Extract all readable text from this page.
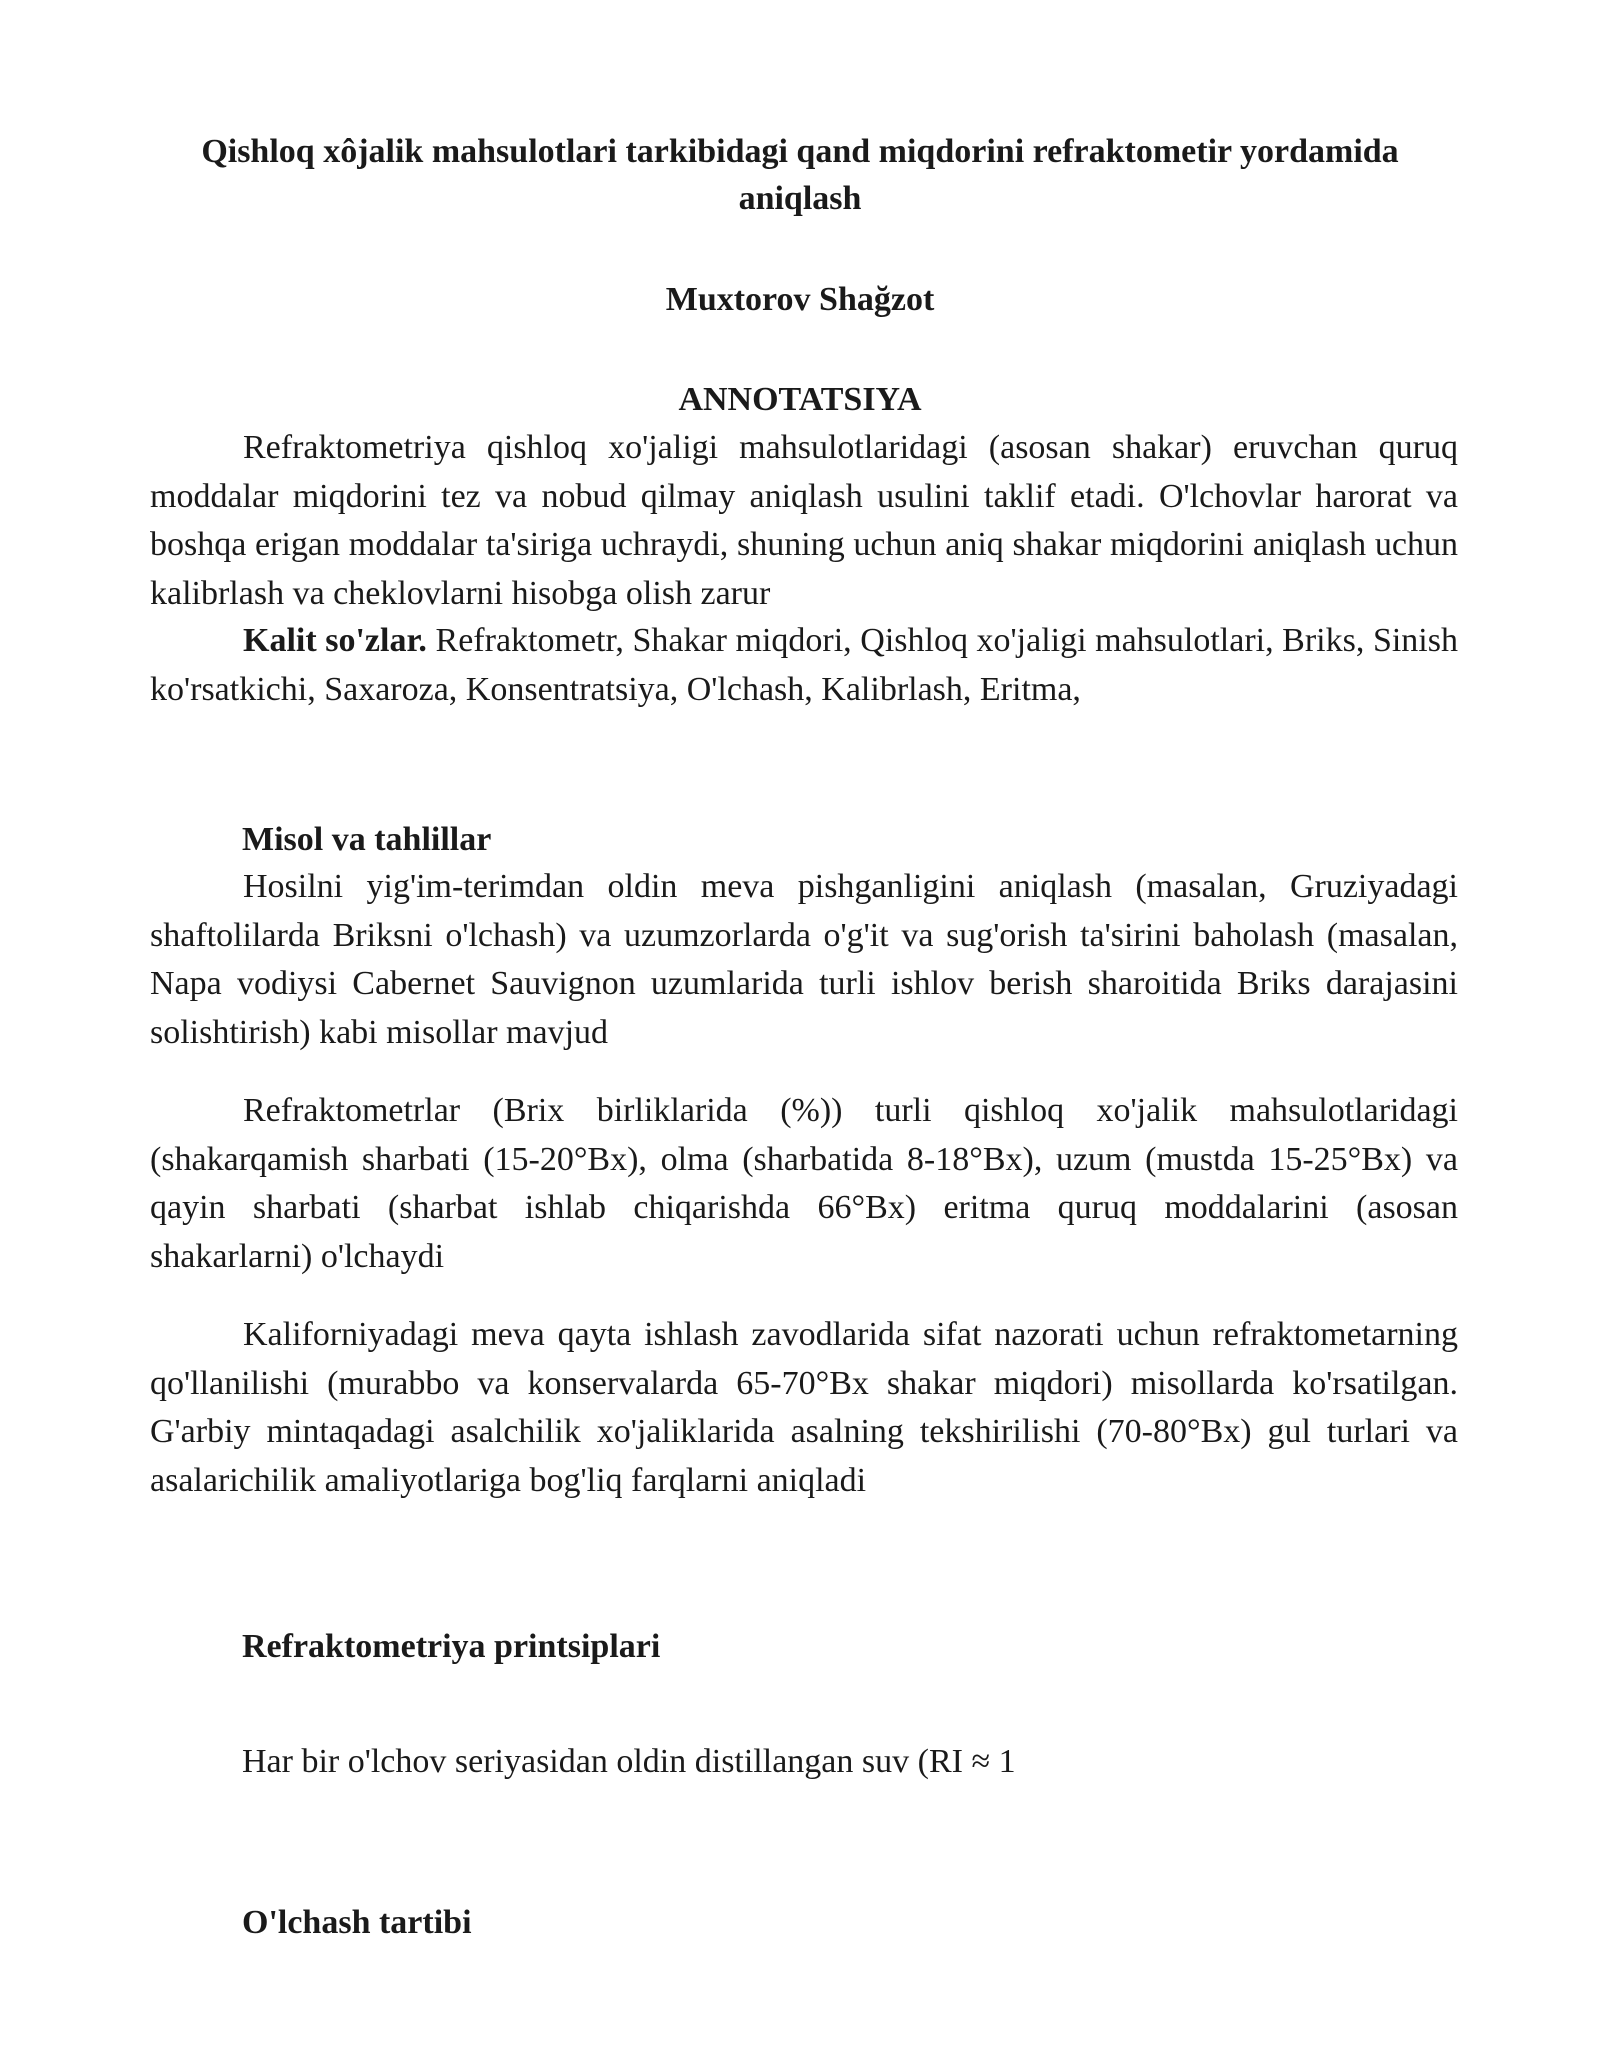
Qishloq xôjalik mahsulotlari tarkibidagi qand miqdorini refraktometir yordamida aniqlash
Muxtorov Shağzot
ANNOTATSIYA
Refraktometriya qishloq xo'jaligi mahsulotlaridagi (asosan shakar) eruvchan quruq moddalar miqdorini tez va nobud qilmay aniqlash usulini taklif etadi. O'lchovlar harorat va boshqa erigan moddalar ta'siriga uchraydi, shuning uchun aniq shakar miqdorini aniqlash uchun kalibrlash va cheklovlarni hisobga olish zarur
Kalit so'zlar. Refraktometr, Shakar miqdori, Qishloq xo'jaligi mahsulotlari, Briks, Sinish ko'rsatkichi, Saxaroza, Konsentratsiya, O'lchash, Kalibrlash, Eritma,
Misol va tahlillar
Hosilni yig'im-terimdan oldin meva pishganligini aniqlash (masalan, Gruziyadagi shaftolilarda Briksni o'lchash) va uzumzorlarda o'g'it va sug'orish ta'sirini baholash (masalan, Napa vodiysi Cabernet Sauvignon uzumlarida turli ishlov berish sharoitida Briks darajasini solishtirish) kabi misollar mavjud
Refraktometrlar (Brix birliklarida (%)) turli qishloq xo'jalik mahsulotlaridagi (shakarqamish sharbati (15-20°Bx), olma (sharbatida 8-18°Bx), uzum (mustda 15-25°Bx) va qayin sharbati (sharbat ishlab chiqarishda 66°Bx) eritma quruq moddalarini (asosan shakarlarni) o'lchaydi
Kaliforniyadagi meva qayta ishlash zavodlarida sifat nazorati uchun refraktometarning qo'llanilishi (murabbo va konservalarda 65-70°Bx shakar miqdori) misollarda ko'rsatilgan. G'arbiy mintaqadagi asalchilik xo'jaliklarida asalning tekshirilishi (70-80°Bx) gul turlari va asalarichilik amaliyotlariga bog'liq farqlarni aniqladi
Refraktometriya printsiplari
Har bir o'lchov seriyasidan oldin distillangan suv (RI ≈ 1
O'lchash tartibi
